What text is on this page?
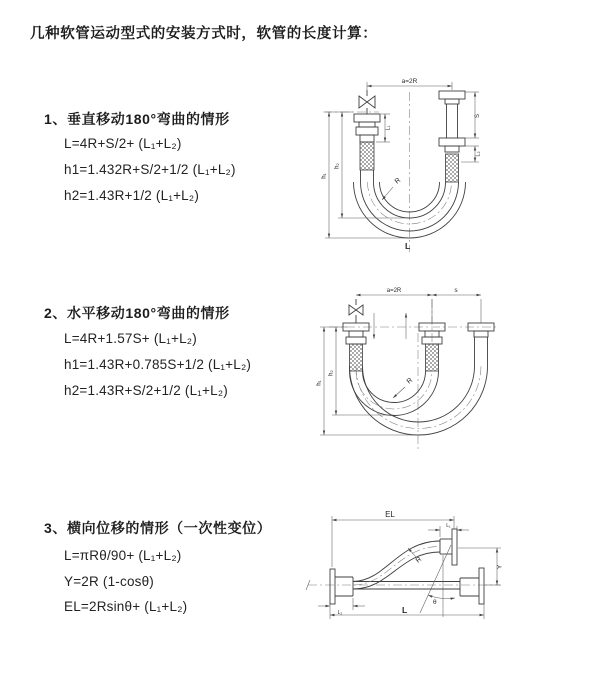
几种软管运动型式的安装方式时，软管的长度计算：
1、垂直移动180°弯曲的情形
L=4R+S/2+ (L₁+L₂)
h1=1.432R+S/2+1/2 (L₁+L₂)
h2=1.43R+1/2 (L₁+L₂)
2、水平移动180°弯曲的情形
L=4R+1.57S+ (L₁+L₂)
h1=1.43R+0.785S+1/2 (L₁+L₂)
h2=1.43R+S/2+1/2 (L₁+L₂)
3、横向位移的情形（一次性变位）
L=πRθ/90+ (L₁+L₂)
Y=2R (1-cosθ)
EL=2Rsinθ+ (L₁+L₂)
a=2R
S
L₂
L₁
h₁
h₂
R
L
a=2R	s
h₁
h₂
R
EL
L₁
Y
R
θ
L₂	L
